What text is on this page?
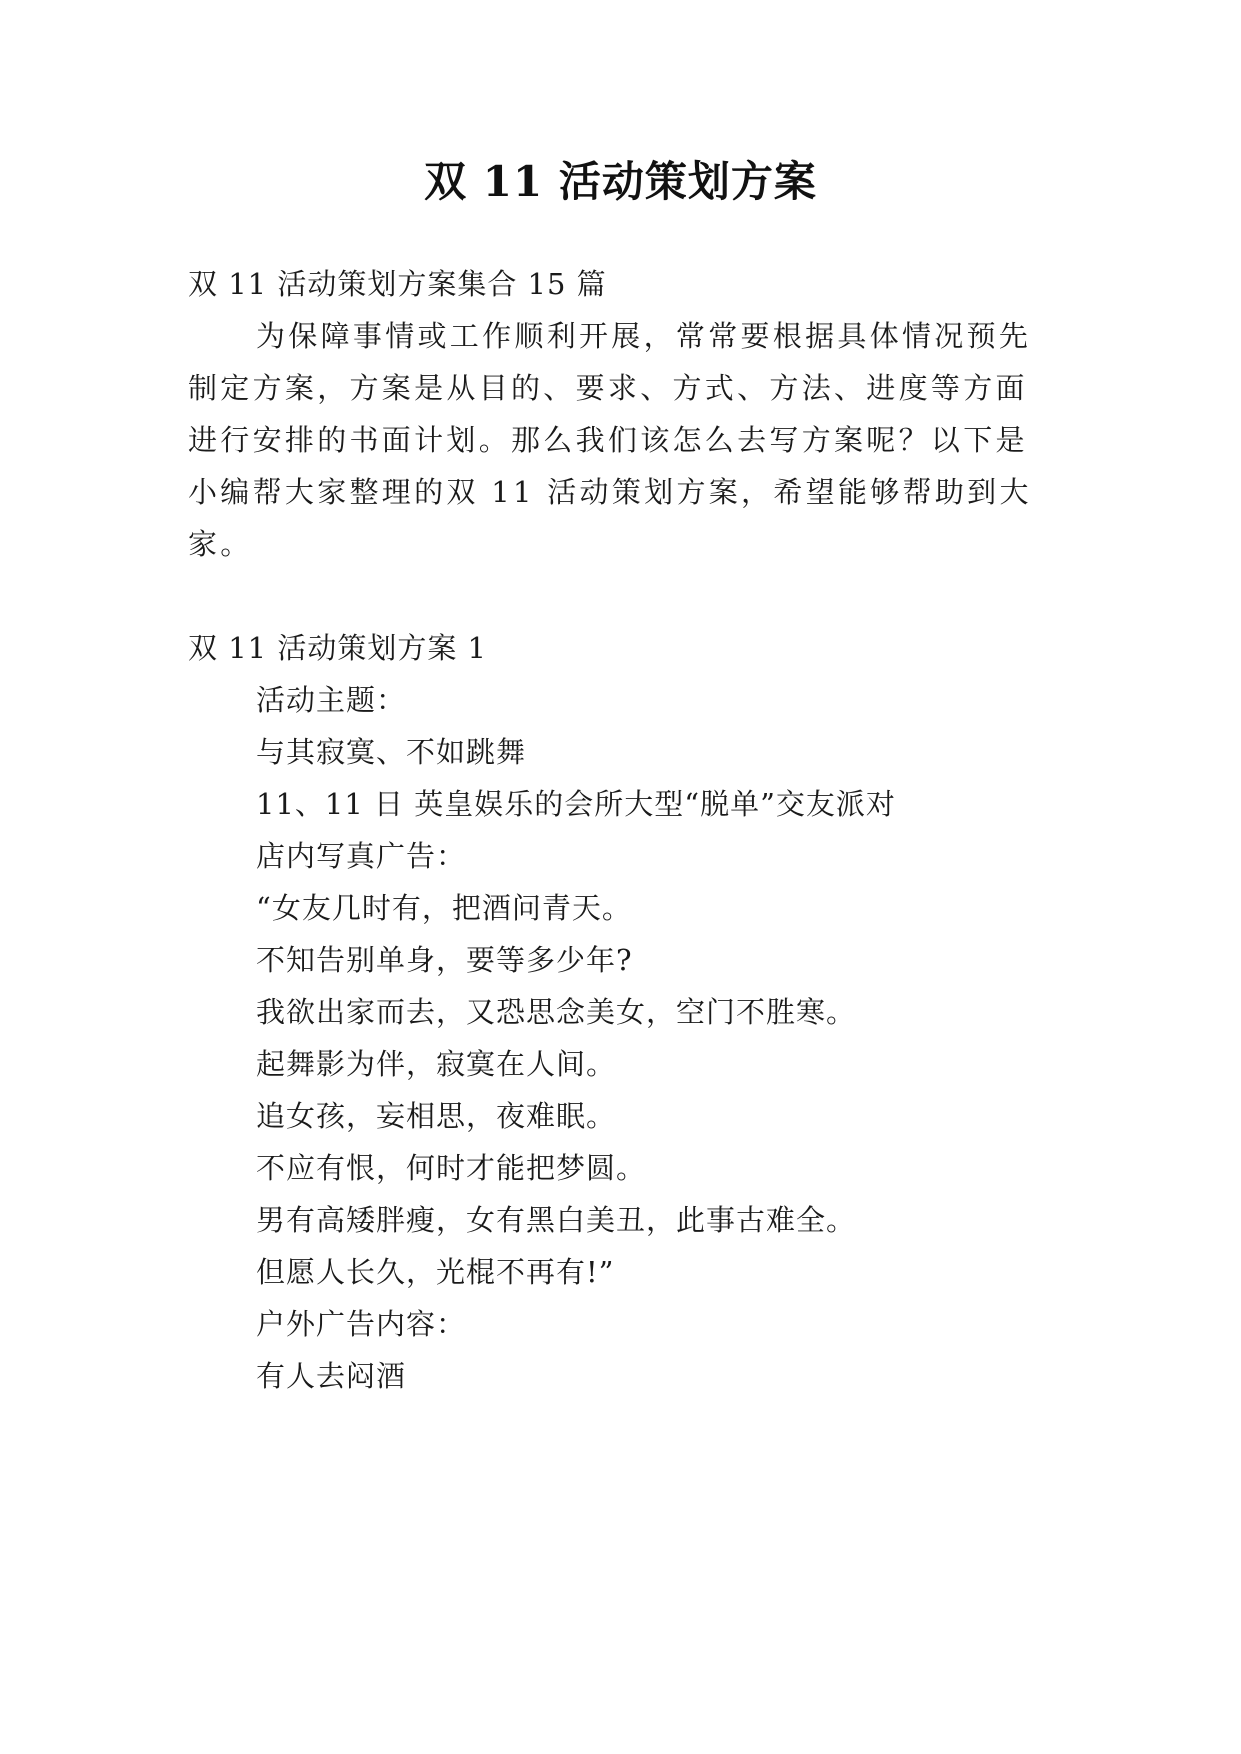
双 11 活动策划方案
双 11 活动策划方案集合 15 篇
为保障事情或工作顺利开展，常常要根据具体情况预先
制定方案，方案是从目的、要求、方式、方法、进度等方面
进行安排的书面计划。那么我们该怎么去写方案呢？以下是
小编帮大家整理的双 11 活动策划方案，希望能够帮助到大
家。
双 11 活动策划方案 1
活动主题：
与其寂寞、不如跳舞
11、11 日 英皇娱乐的会所大型“脱单”交友派对
店内写真广告：
“女友几时有，把酒问青天。
不知告别单身，要等多少年?
我欲出家而去，又恐思念美女，空门不胜寒。
起舞影为伴，寂寞在人间。
追女孩，妄相思，夜难眠。
不应有恨，何时才能把梦圆。
男有高矮胖瘦，女有黑白美丑，此事古难全。
但愿人长久，光棍不再有!”
户外广告内容：
有人去闷酒
